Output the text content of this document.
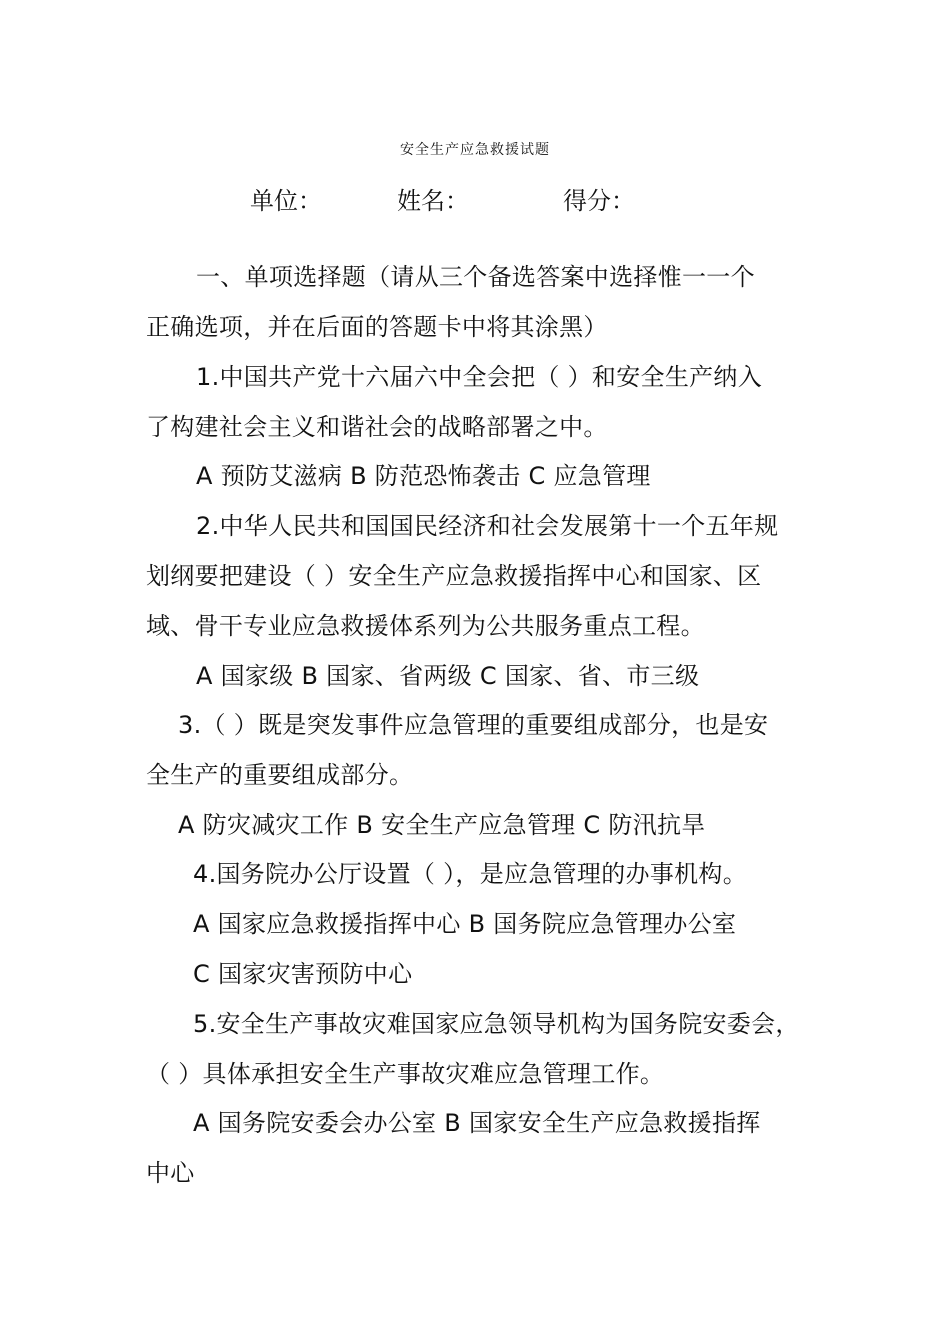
安全生产应急救援试题
单位：	姓名：	得分：
一、单项选择题（请从三个备选答案中选择惟一一个
正确选项，并在后面的答题卡中将其涂黑）
1.中国共产党十六届六中全会把（ ）和安全生产纳入
了构建社会主义和谐社会的战略部署之中。
A 预防艾滋病 B 防范恐怖袭击 C 应急管理
2.中华人民共和国国民经济和社会发展第十一个五年规
划纲要把建设（ ）安全生产应急救援指挥中心和国家、区
域、骨干专业应急救援体系列为公共服务重点工程。
A 国家级 B 国家、省两级 C 国家、省、市三级
3.（ ）既是突发事件应急管理的重要组成部分，也是安
全生产的重要组成部分。
A 防灾减灾工作 B 安全生产应急管理 C 防汛抗旱
4.国务院办公厅设置（ ），是应急管理的办事机构。
A 国家应急救援指挥中心 B 国务院应急管理办公室
C 国家灾害预防中心
5.安全生产事故灾难国家应急领导机构为国务院安委会，
（ ）具体承担安全生产事故灾难应急管理工作。
A 国务院安委会办公室 B 国家安全生产应急救援指挥
中心
